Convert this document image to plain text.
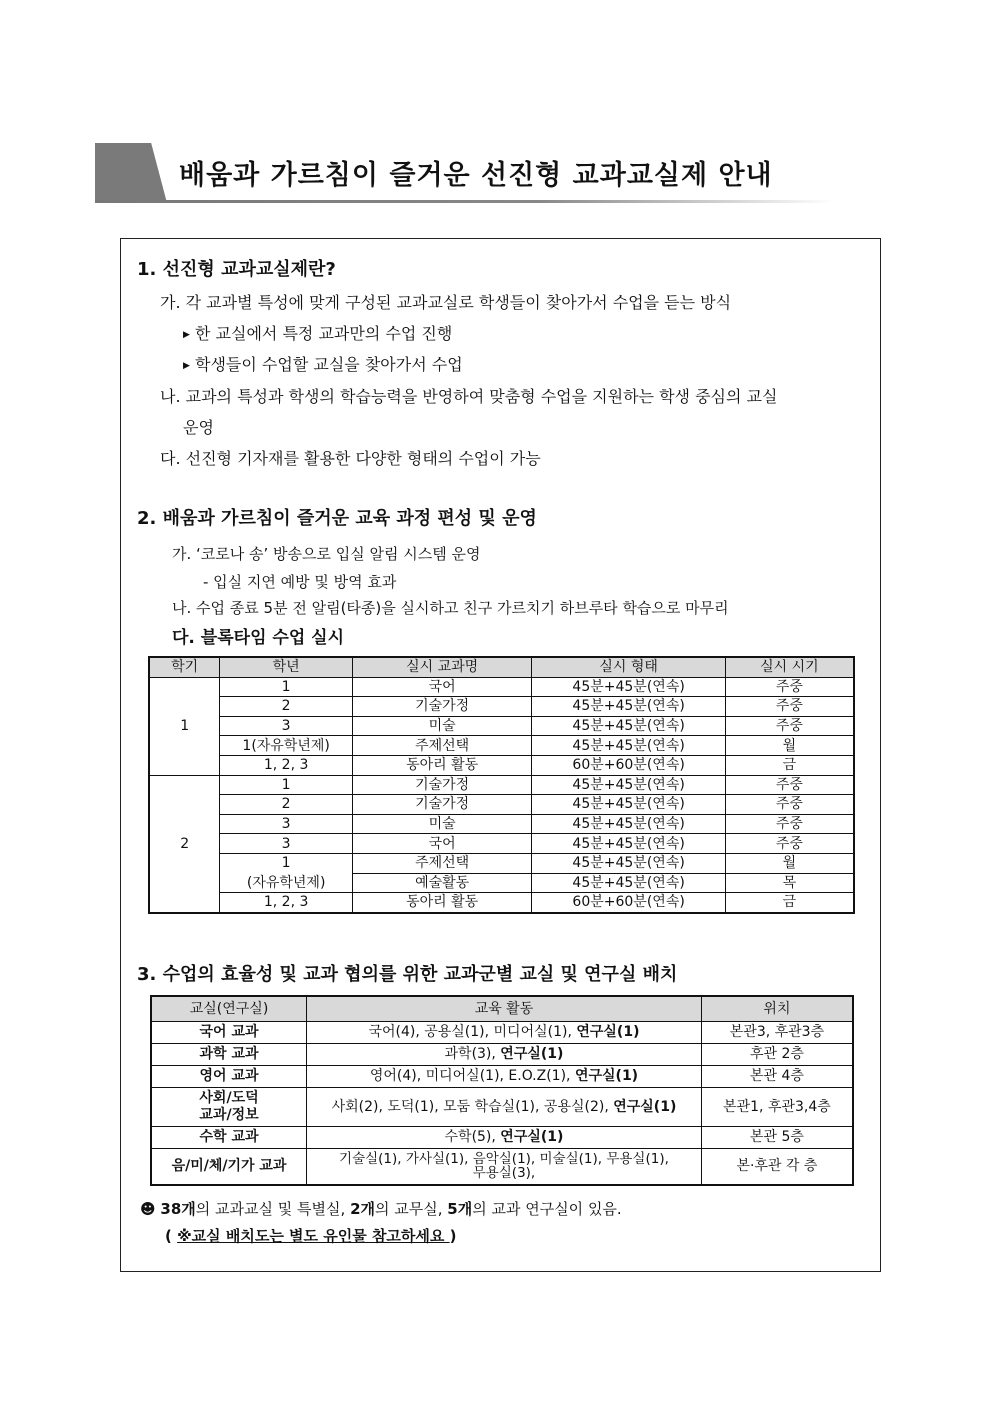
배움과 가르침이 즐거운 선진형 교과교실제 안내
1. 선진형 교과교실제란?
가. 각 교과별 특성에 맞게 구성된 교과교실로 학생들이 찾아가서 수업을 듣는 방식
▶ 한 교실에서 특정 교과만의 수업 진행
▶ 학생들이 수업할 교실을 찾아가서 수업
나. 교과의 특성과 학생의 학습능력을 반영하여 맞춤형 수업을 지원하는 학생 중심의 교실
운영
다. 선진형 기자재를 활용한 다양한 형태의 수업이 가능
2. 배움과 가르침이 즐거운 교육 과정 편성 및 운영
가. ‘코로나 송’ 방송으로 입실 알림 시스템 운영
- 입실 지연 예방 및 방역 효과
나. 수업 종료 5분 전 알림(타종)을 실시하고 친구 가르치기 하브루타 학습으로 마무리
다. 블록타임 수업 실시
학기	학년	실시 교과명	실시 형태	실시 시기
1	1	국어	45분+45분(연속)	주중
	2	기술가정	45분+45분(연속)	주중
	3	미술	45분+45분(연속)	주중
	1(자유학년제)	주제선택	45분+45분(연속)	월
	1, 2, 3	동아리 활동	60분+60분(연속)	금
2	1	기술가정	45분+45분(연속)	주중
	2	기술가정	45분+45분(연속)	주중
	3	미술	45분+45분(연속)	주중
	3	국어	45분+45분(연속)	주중
	1	주제선택	45분+45분(연속)	월
	(자유학년제)	예술활동	45분+45분(연속)	목
	1, 2, 3	동아리 활동	60분+60분(연속)	금
3. 수업의 효율성 및 교과 협의를 위한 교과군별 교실 및 연구실 배치
교실(연구실)	교육 활동	위치
국어 교과	국어(4), 공용실(1), 미디어실(1), 연구실(1)	본관3, 후관3층
과학 교과	과학(3), 연구실(1)	후관 2층
영어 교과	영어(4), 미디어실(1), E.O.Z(1), 연구실(1)	본관 4층
사회/도덕
교과/정보	사회(2), 도덕(1), 모둠 학습실(1), 공용실(2), 연구실(1)	본관1, 후관3,4층
수학 교과	수학(5), 연구실(1)	본관 5층
음/미/체/기가 교과	기술실(1), 가사실(1), 음악실(1), 미술실(1), 무용실(1),
무용실(3),	본·후관 각 층
☻ 38개의 교과교실 및 특별실, 2개의 교무실, 5개의 교과 연구실이 있음.
( ※교실 배치도는 별도 유인물 참고하세요 )
